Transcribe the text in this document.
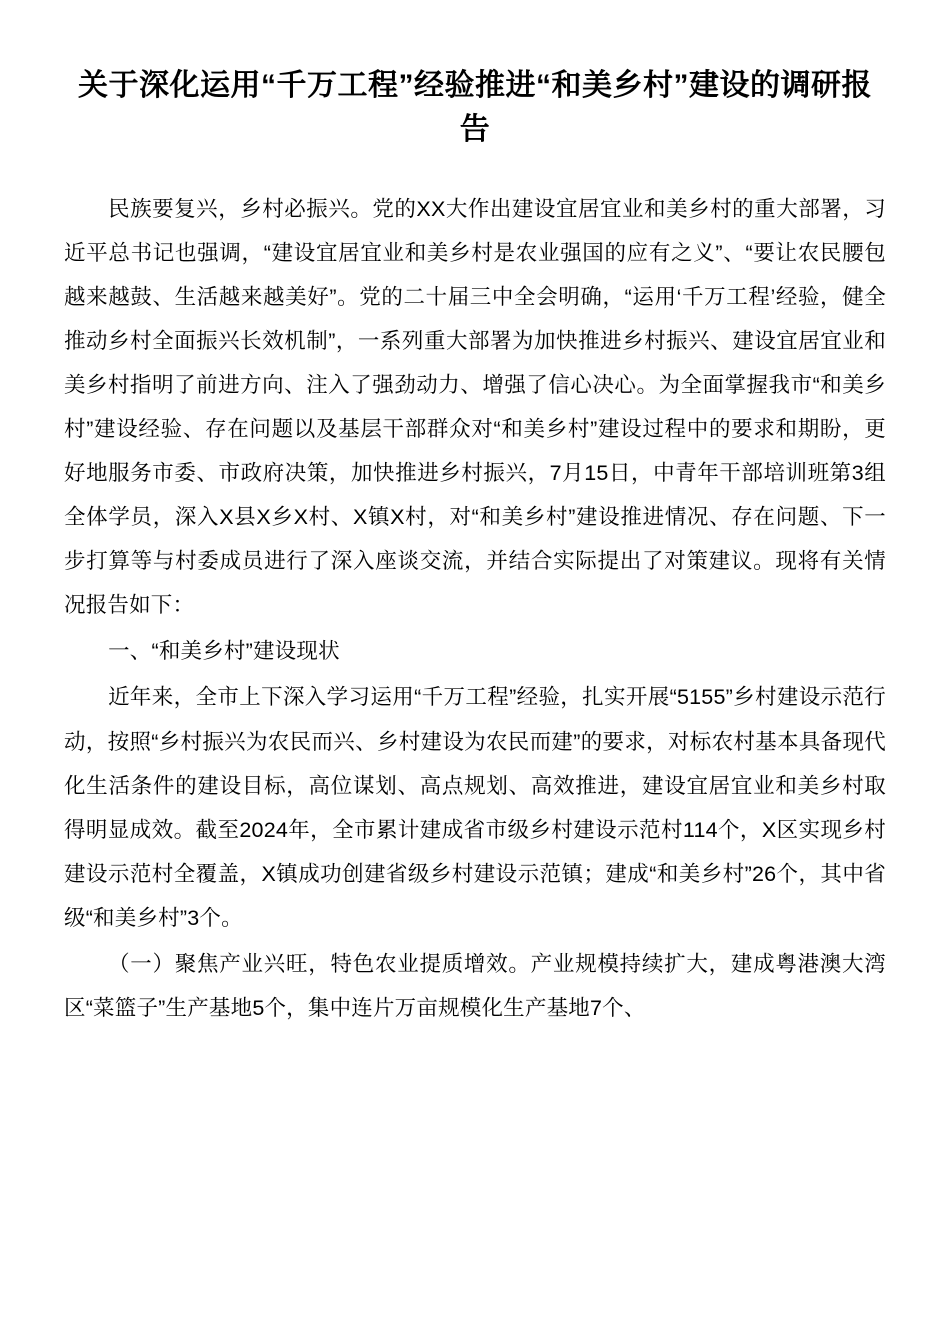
关于深化运用“千万工程”经验推进“和美乡村”建设的调研报告

民族要复兴，乡村必振兴。党的XX大作出建设宜居宜业和美乡村的重大部署，习近平总书记也强调，“建设宜居宜业和美乡村是农业强国的应有之义”、“要让农民腰包越来越鼓、生活越来越美好”。党的二十届三中全会明确，“运用‘千万工程’经验，健全推动乡村全面振兴长效机制”，一系列重大部署为加快推进乡村振兴、建设宜居宜业和美乡村指明了前进方向、注入了强劲动力、增强了信心决心。为全面掌握我市“和美乡村”建设经验、存在问题以及基层干部群众对“和美乡村”建设过程中的要求和期盼，更好地服务市委、市政府决策，加快推进乡村振兴，7月15日，中青年干部培训班第3组全体学员，深入X县X乡X村、X镇X村，对“和美乡村”建设推进情况、存在问题、下一步打算等与村委成员进行了深入座谈交流，并结合实际提出了对策建议。现将有关情况报告如下：

一、“和美乡村”建设现状

近年来，全市上下深入学习运用“千万工程”经验，扎实开展“5155”乡村建设示范行动，按照“乡村振兴为农民而兴、乡村建设为农民而建”的要求，对标农村基本具备现代化生活条件的建设目标，高位谋划、高点规划、高效推进，建设宜居宜业和美乡村取得明显成效。截至2024年，全市累计建成省市级乡村建设示范村114个，X区实现乡村建设示范村全覆盖，X镇成功创建省级乡村建设示范镇；建成“和美乡村”26个，其中省级“和美乡村”3个。

（一）聚焦产业兴旺，特色农业提质增效。产业规模持续扩大，建成粤港澳大湾区“菜篮子”生产基地5个，集中连片万亩规模化生产基地7个、
